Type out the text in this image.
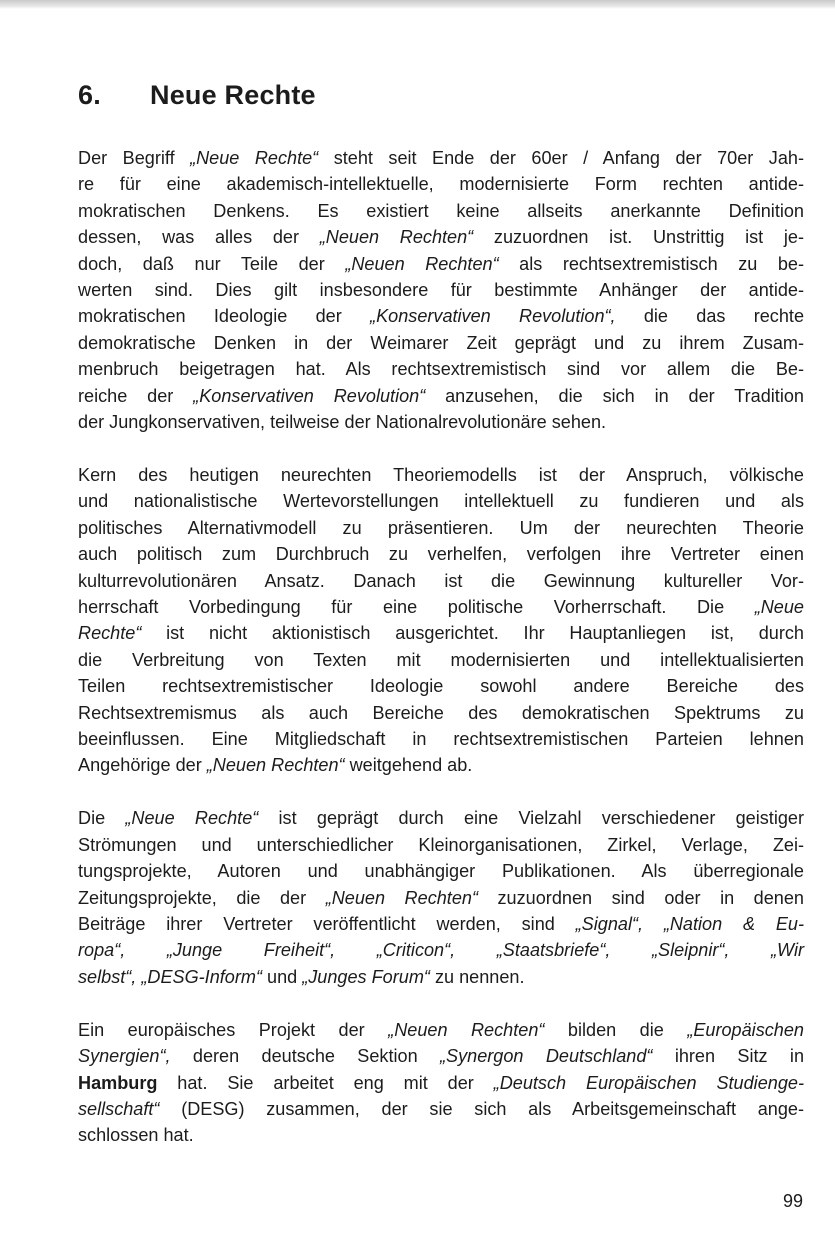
6. Neue Rechte

Der Begriff „Neue Rechte“ steht seit Ende der 60er / Anfang der 70er Jah-
re für eine akademisch-intellektuelle, modernisierte Form rechten antide-
mokratischen Denkens. Es existiert keine allseits anerkannte Definition
dessen, was alles der „Neuen Rechten“ zuzuordnen ist. Unstrittig ist je-
doch, daß nur Teile der „Neuen Rechten“ als rechtsextremistisch zu be-
werten sind. Dies gilt insbesondere für bestimmte Anhänger der antide-
mokratischen Ideologie der „Konservativen Revolution“, die das rechte
demokratische Denken in der Weimarer Zeit geprägt und zu ihrem Zusam-
menbruch beigetragen hat. Als rechtsextremistisch sind vor allem die Be-
reiche der „Konservativen Revolution“ anzusehen, die sich in der Tradition
der Jungkonservativen, teilweise der Nationalrevolutionäre sehen.

Kern des heutigen neurechten Theoriemodells ist der Anspruch, völkische
und nationalistische Wertevorstellungen intellektuell zu fundieren und als
politisches Alternativmodell zu präsentieren. Um der neurechten Theorie
auch politisch zum Durchbruch zu verhelfen, verfolgen ihre Vertreter einen
kulturrevolutionären Ansatz. Danach ist die Gewinnung kultureller Vor-
herrschaft Vorbedingung für eine politische Vorherrschaft. Die „Neue
Rechte“ ist nicht aktionistisch ausgerichtet. Ihr Hauptanliegen ist, durch
die Verbreitung von Texten mit modernisierten und intellektualisierten
Teilen rechtsextremistischer Ideologie sowohl andere Bereiche des
Rechtsextremismus als auch Bereiche des demokratischen Spektrums zu
beeinflussen. Eine Mitgliedschaft in rechtsextremistischen Parteien lehnen
Angehörige der „Neuen Rechten“ weitgehend ab.

Die „Neue Rechte“ ist geprägt durch eine Vielzahl verschiedener geistiger
Strömungen und unterschiedlicher Kleinorganisationen, Zirkel, Verlage, Zei-
tungsprojekte, Autoren und unabhängiger Publikationen. Als überregionale
Zeitungsprojekte, die der „Neuen Rechten“ zuzuordnen sind oder in denen
Beiträge ihrer Vertreter veröffentlicht werden, sind „Signal“, „Nation & Eu-
ropa“, „Junge Freiheit“, „Criticon“, „Staatsbriefe“, „Sleipnir“, „Wir
selbst“, „DESG-Inform“ und „Junges Forum“ zu nennen.

Ein europäisches Projekt der „Neuen Rechten“ bilden die „Europäischen
Synergien“, deren deutsche Sektion „Synergon Deutschland“ ihren Sitz in
Hamburg hat. Sie arbeitet eng mit der „Deutsch Europäischen Studienge-
sellschaft“ (DESG) zusammen, der sie sich als Arbeitsgemeinschaft ange-
schlossen hat.

99
